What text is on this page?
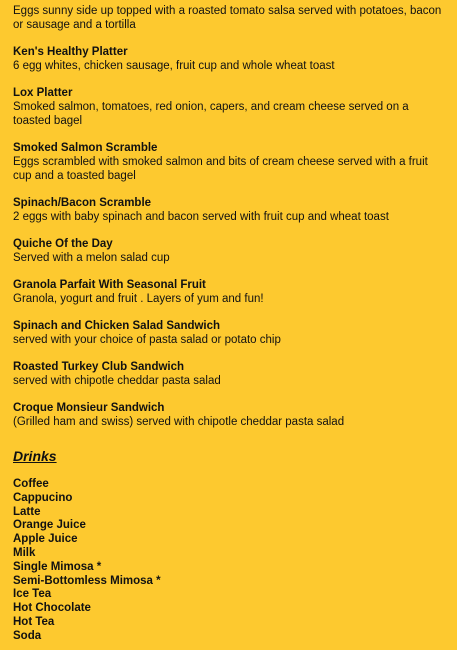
Eggs sunny side up topped with a roasted tomato salsa served with potatoes, bacon or sausage and a tortilla

Ken's Healthy Platter

6 egg whites, chicken sausage, fruit cup and whole wheat toast

Lox Platter

Smoked salmon, tomatoes, red onion, capers, and cream cheese served on a toasted bagel

Smoked Salmon Scramble

Eggs scrambled with smoked salmon and bits of cream cheese served with a fruit cup and a toasted bagel

Spinach/Bacon Scramble

2 eggs with baby spinach and bacon served with fruit cup and wheat toast

Quiche Of the Day

Served with a melon salad cup

Granola Parfait With Seasonal Fruit

Granola, yogurt and fruit . Layers of yum and fun!

Spinach and Chicken Salad Sandwich

served with your choice of pasta salad or potato chip

Roasted Turkey Club Sandwich

served with chipotle cheddar pasta salad

Croque Monsieur Sandwich

(Grilled ham and swiss) served with chipotle cheddar pasta salad

Drinks

Coffee

Cappucino

Latte

Orange Juice

Apple Juice

Milk

Single Mimosa *

Semi-Bottomless Mimosa *

Ice Tea

Hot Chocolate

Hot Tea

Soda
